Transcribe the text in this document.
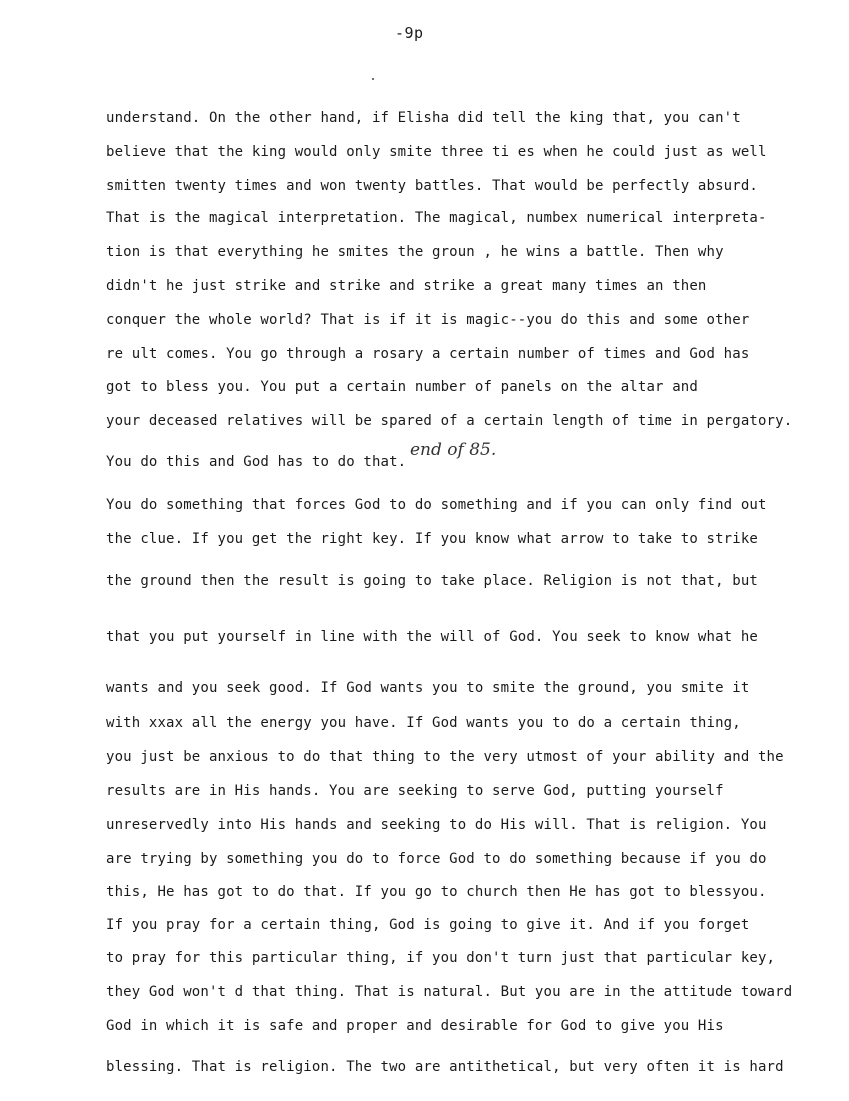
-9p
understand. On the other hand, if Elisha did tell the king that, you can't
believe that the king would only smite three ti es when he could just as well
smitten twenty times and won twenty battles. That would be perfectly absurd.
That is the magical interpretation. The magical, numbex numerical interpreta-
tion is that everything he smites the groun , he wins a battle. Then why
didn't he just strike and strike and strike a great many times an then
conquer the whole world? That is if it is magic--you do this and some other
re ult comes. You go through a rosary a certain number of times and God has
got to bless you. You put a certain number of panels on the altar and
your deceased relatives will be spared of a certain length of time in pergatory.
You do this and God has to do that.
end of 85.
You do something that forces God to do something and if you can only find out
the clue. If you get the right key. If you know what arrow to take to strike
the ground then the result is going to take place. Religion is not that, but
that you put yourself in line with the will of God. You seek to know what he
wants and you seek good. If God wants you to smite the ground, you smite it
with xxax all the energy you have. If God wants you to do a certain thing,
you just be anxious to do that thing to the very utmost of your ability and the
results are in His hands. You are seeking to serve God, putting yourself
unreservedly into His hands and seeking to do His will. That is religion. You
are trying by something you do to force God to do something because if you do
this, He has got to do that. If you go to church then He has got to blessyou.
If you pray for a certain thing, God is going to give it. And if you forget
to pray for this particular thing, if you don't turn just that particular key,
they God won't d that thing. That is natural. But you are in the attitude toward
God in which it is safe and proper and desirable for God to give you His
blessing. That is religion. The two are antithetical, but very often it is hard
